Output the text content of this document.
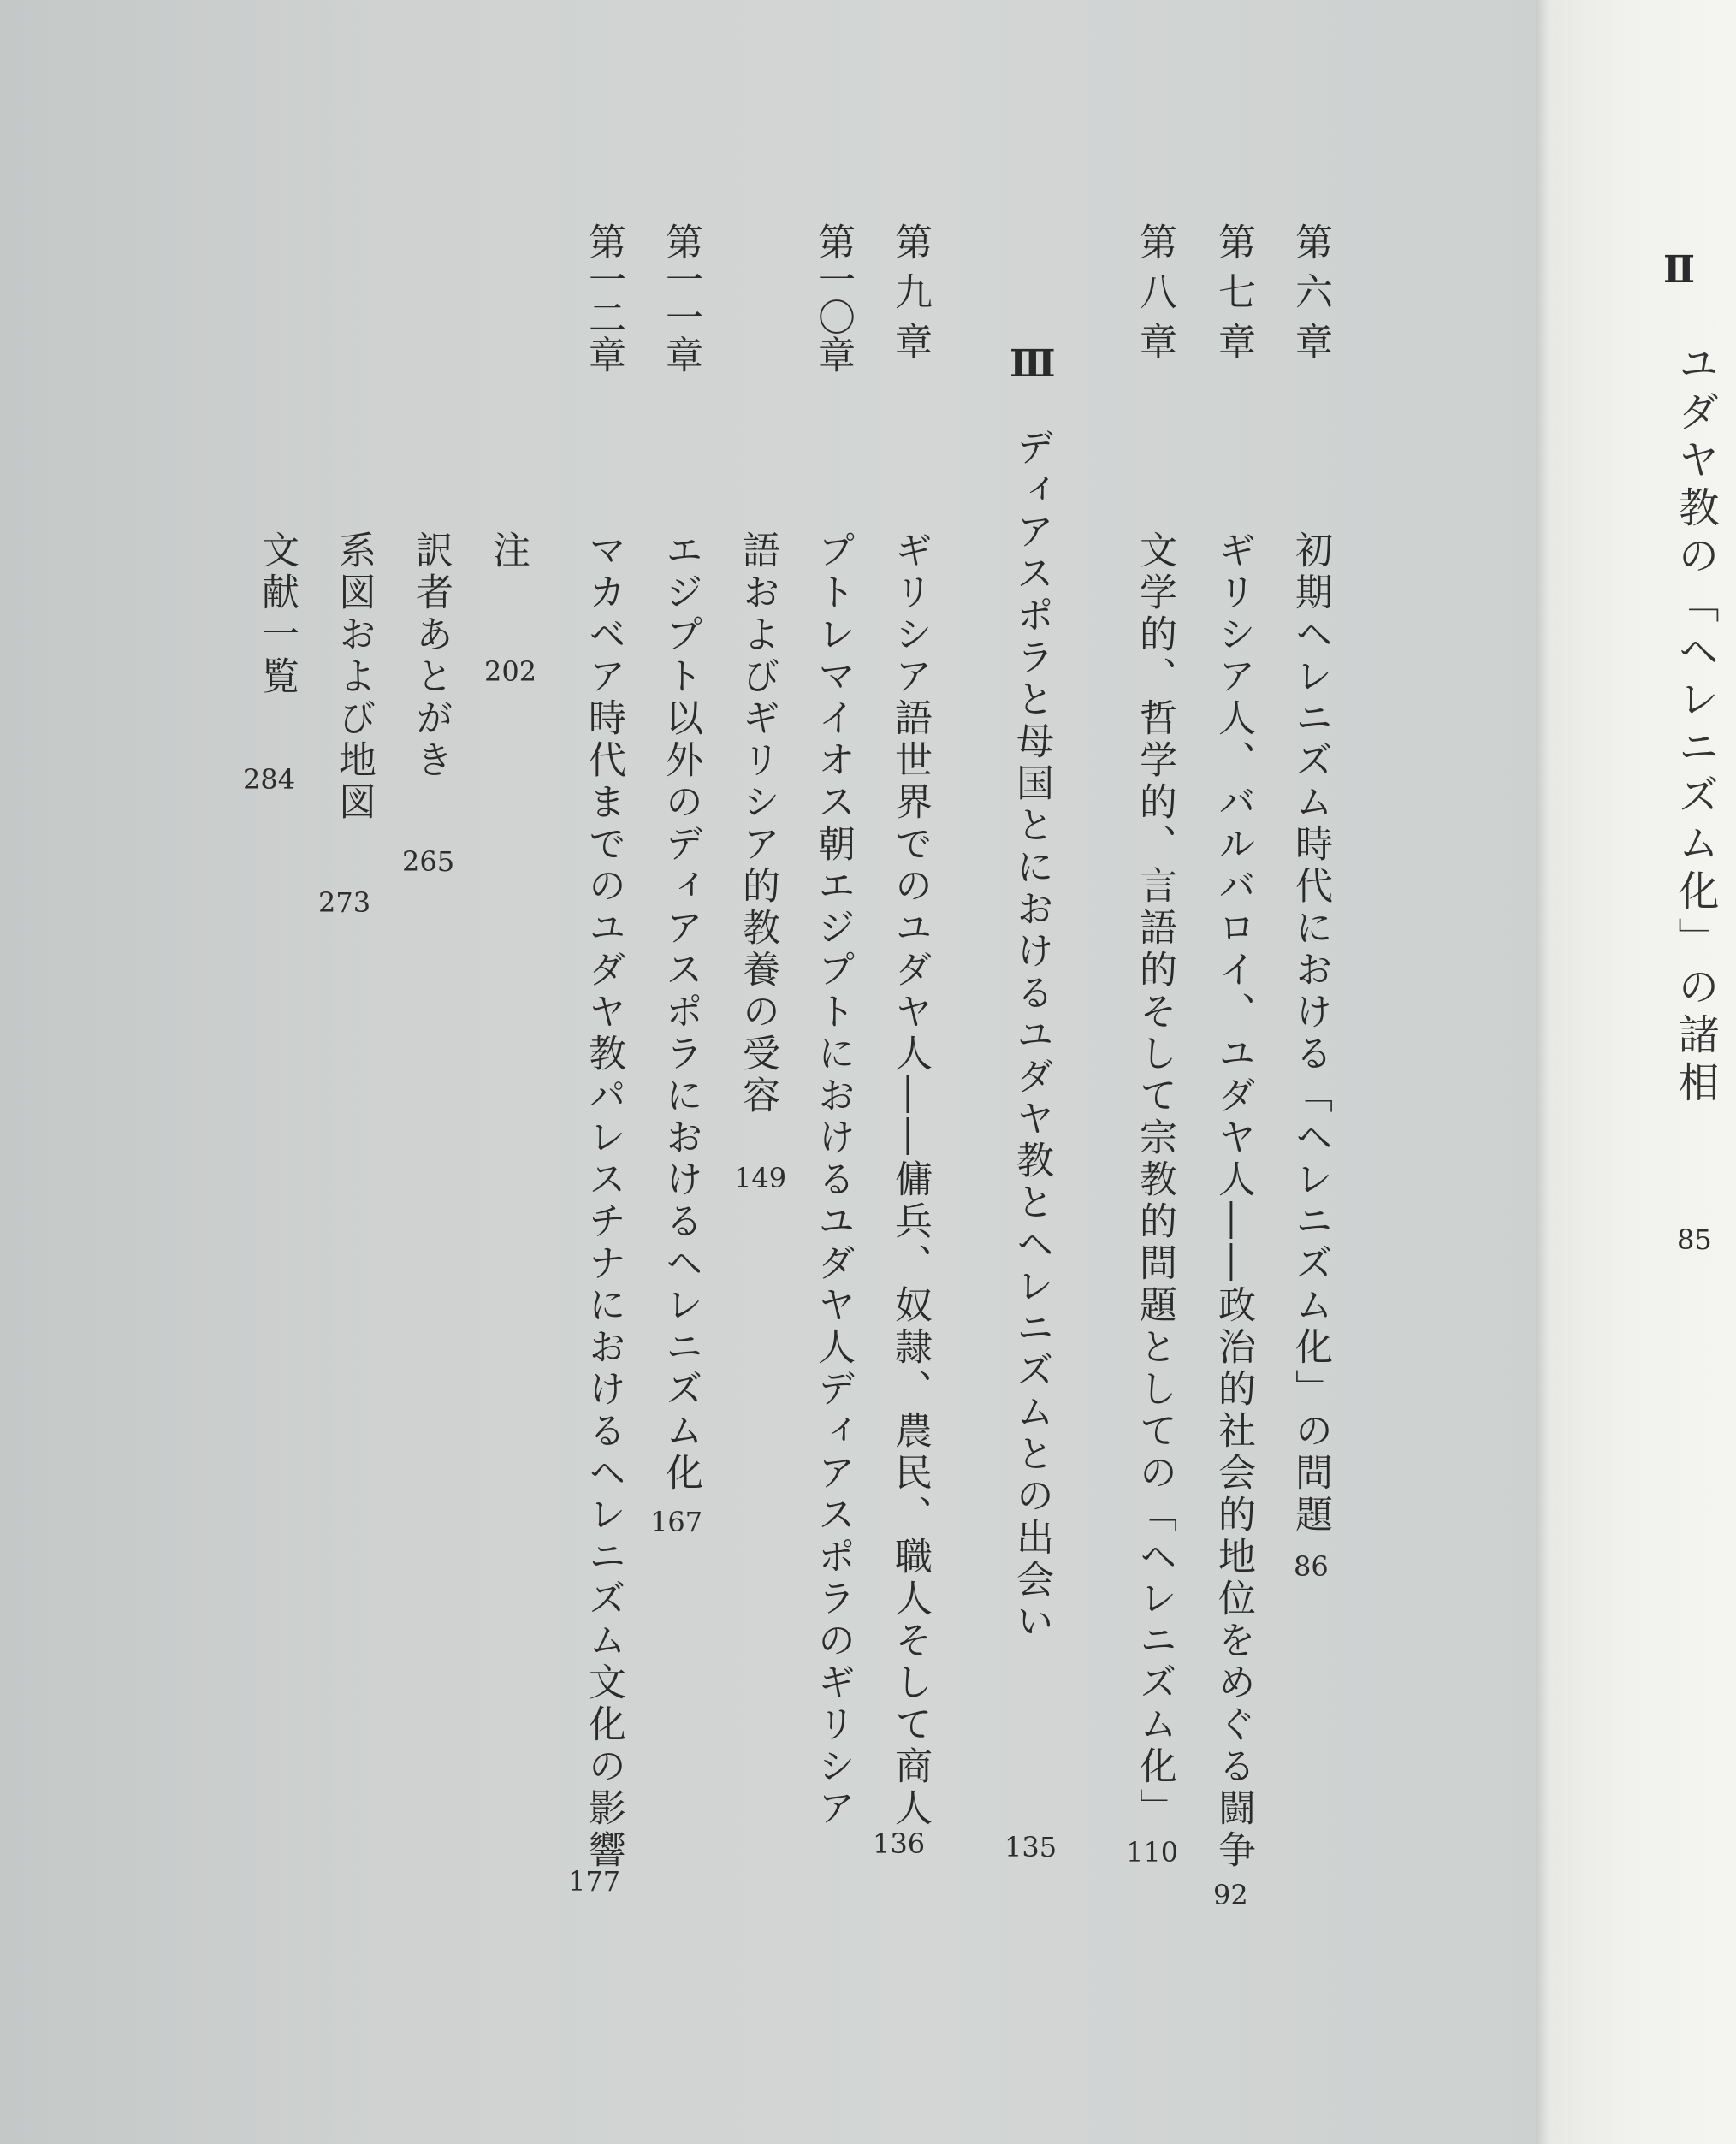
Ⅱ
ユダヤ教の「ヘレニズム化」の諸相
85
第六章
初期ヘレニズム時代における「ヘレニズム化」の問題
86
第七章
ギリシア人、バルバロイ、ユダヤ人――政治的社会的地位をめぐる闘争
92
第八章
文学的、哲学的、言語的そして宗教的問題としての「ヘレニズム化」
110
Ⅲ
ディアスポラと母国とにおけるユダヤ教とヘレニズムとの出会い
135
第九章
ギリシア語世界でのユダヤ人――傭兵、奴隷、農民、職人そして商人
136
第一〇章
プトレマイオス朝エジプトにおけるユダヤ人ディアスポラのギリシア
語およびギリシア的教養の受容
149
第一一章
エジプト以外のディアスポラにおけるヘレニズム化
167
第一二章
マカベア時代までのユダヤ教パレスチナにおけるヘレニズム文化の影響
177
注
202
訳者あとがき
265
系図および地図
273
文献一覧
284
